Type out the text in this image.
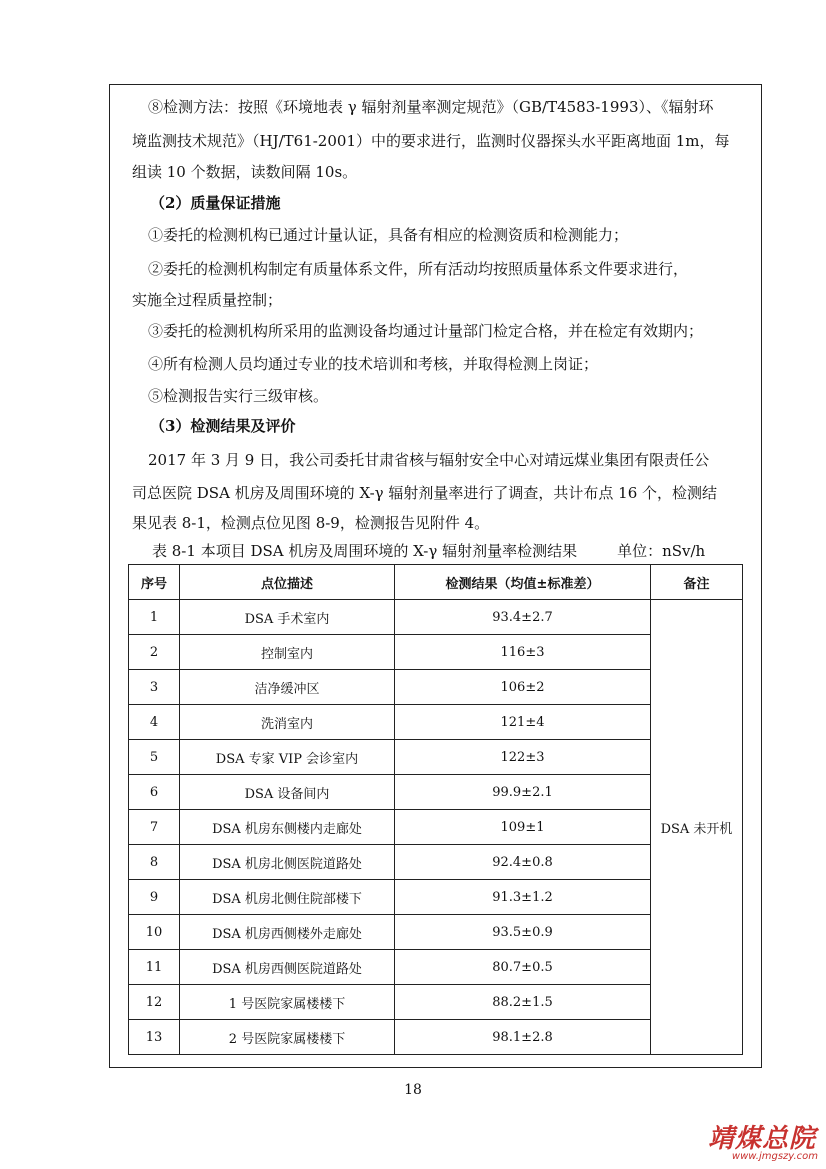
⑧检测方法：按照《环境地表 γ 辐射剂量率测定规范》（GB/T4583-1993）、《辐射环

境监测技术规范》（HJ/T61-2001）中的要求进行，监测时仪器探头水平距离地面 1m，每

组读 10 个数据，读数间隔 10s。

（2）质量保证措施

①委托的检测机构已通过计量认证，具备有相应的检测资质和检测能力；

②委托的检测机构制定有质量体系文件，所有活动均按照质量体系文件要求进行，

实施全过程质量控制；

③委托的检测机构所采用的监测设备均通过计量部门检定合格，并在检定有效期内；

④所有检测人员均通过专业的技术培训和考核，并取得检测上岗证；

⑤检测报告实行三级审核。

（3）检测结果及评价

2017 年 3 月 9 日，我公司委托甘肃省核与辐射安全中心对靖远煤业集团有限责任公

司总医院 DSA 机房及周围环境的 X-γ 辐射剂量率进行了调查，共计布点 16 个，检测结

果见表 8-1，检测点位见图 8-9，检测报告见附件 4。

表 8-1 本项目 DSA 机房及周围环境的 X-γ 辐射剂量率检测结果	单位：nSv/h

序号	点位描述	检测结果（均值±标准差）	备注
1	DSA 手术室内	93.4±2.7	DSA 未开机
2	控制室内	116±3	
3	洁净缓冲区	106±2	
4	洗消室内	121±4	
5	DSA 专家 VIP 会诊室内	122±3	
6	DSA 设备间内	99.9±2.1	
7	DSA 机房东侧楼内走廊处	109±1	
8	DSA 机房北侧医院道路处	92.4±0.8	
9	DSA 机房北侧住院部楼下	91.3±1.2	
10	DSA 机房西侧楼外走廊处	93.5±0.9	
11	DSA 机房西侧医院道路处	80.7±0.5	
12	1 号医院家属楼楼下	88.2±1.5	
13	2 号医院家属楼楼下	98.1±2.8	
18
靖煤总院
www.jmgszy.com
